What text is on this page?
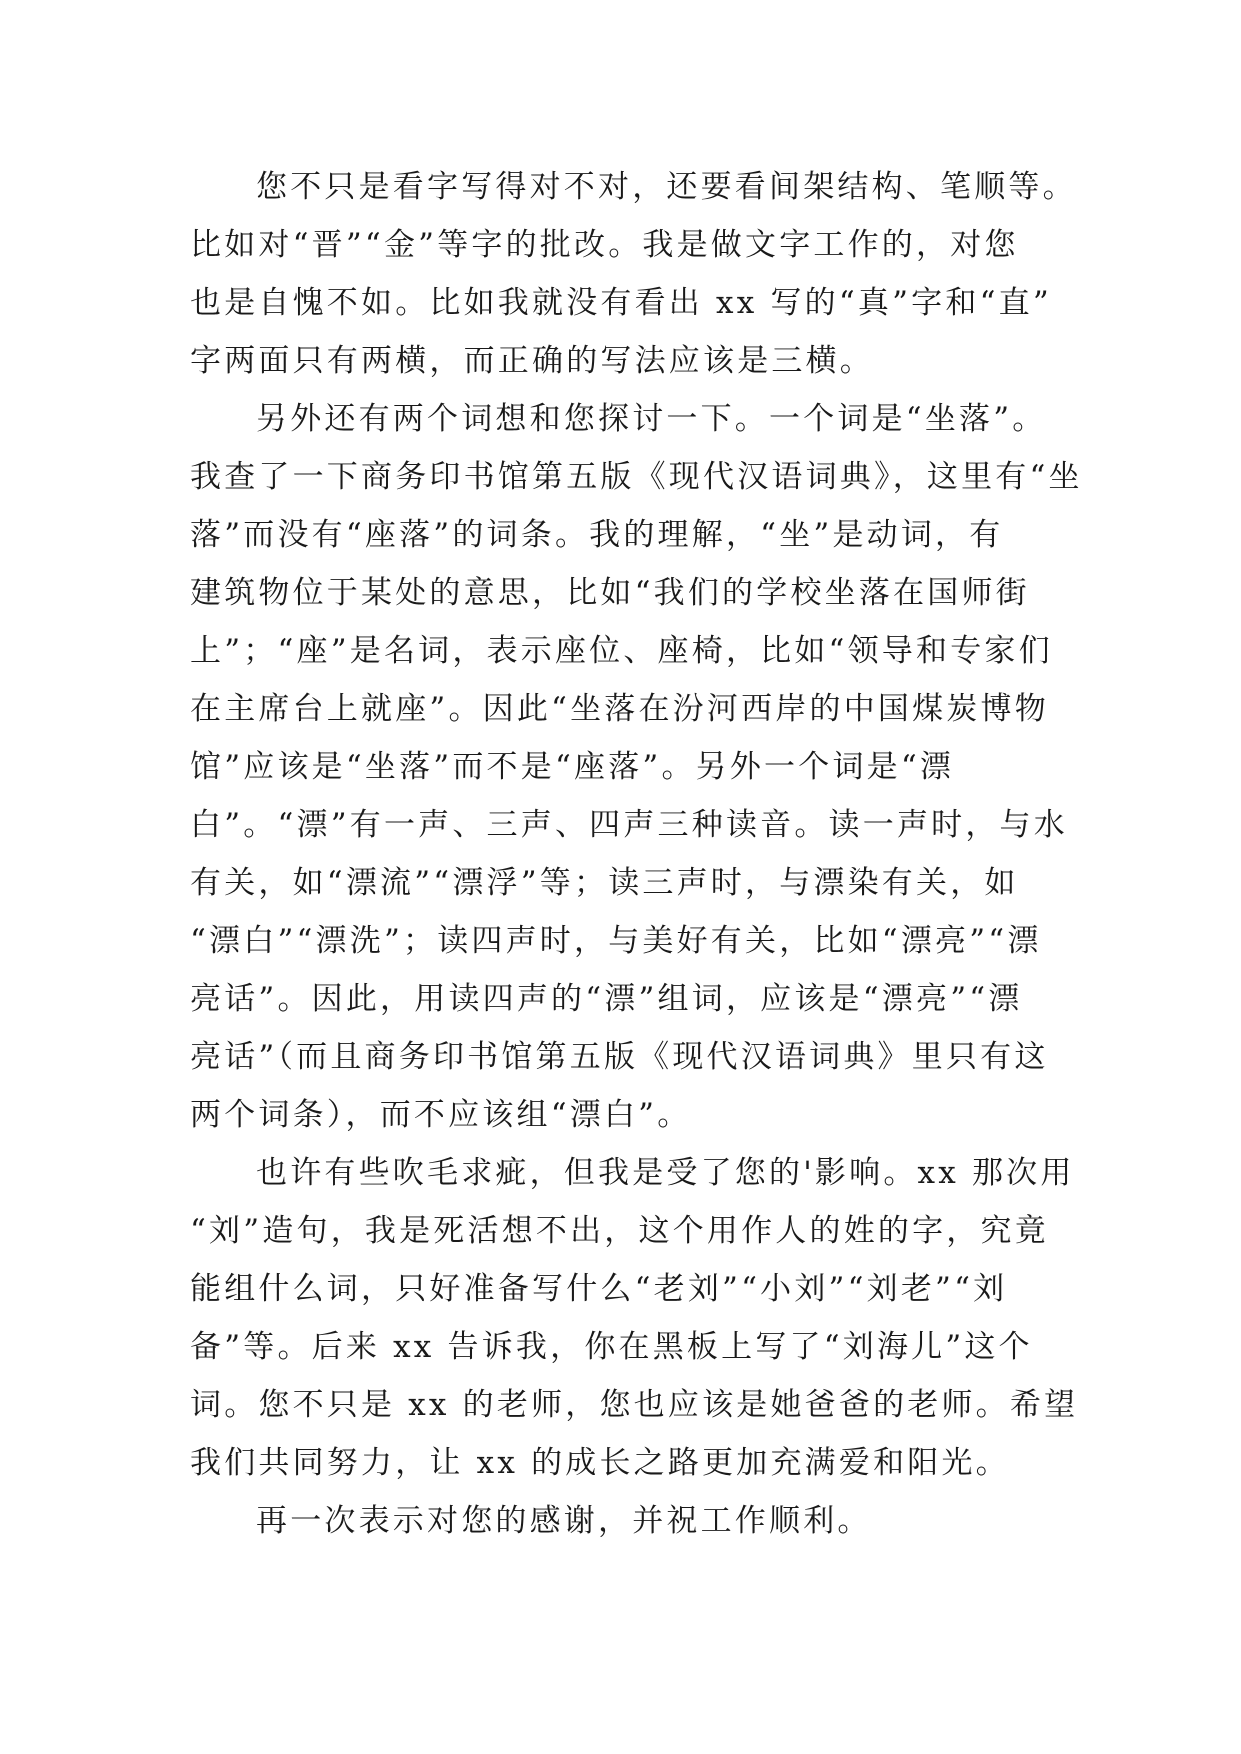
您不只是看字写得对不对，还要看间架结构、笔顺等。
比如对“晋”“金”等字的批改。我是做文字工作的，对您
也是自愧不如。比如我就没有看出 xx 写的“真”字和“直”
字两面只有两横，而正确的写法应该是三横。
另外还有两个词想和您探讨一下。一个词是“坐落”。
我查了一下商务印书馆第五版《现代汉语词典》，这里有“坐
落”而没有“座落”的词条。我的理解，“坐”是动词，有
建筑物位于某处的意思，比如“我们的学校坐落在国师街
上”；“座”是名词，表示座位、座椅，比如“领导和专家们
在主席台上就座”。因此“坐落在汾河西岸的中国煤炭博物
馆”应该是“坐落”而不是“座落”。另外一个词是“漂
白”。“漂”有一声、三声、四声三种读音。读一声时，与水
有关，如“漂流”“漂浮”等；读三声时，与漂染有关，如
“漂白”“漂洗”；读四声时，与美好有关，比如“漂亮”“漂
亮话”。因此，用读四声的“漂”组词，应该是“漂亮”“漂
亮话”（而且商务印书馆第五版《现代汉语词典》里只有这
两个词条），而不应该组“漂白”。
也许有些吹毛求疵，但我是受了您的'影响。xx 那次用
“刘”造句，我是死活想不出，这个用作人的姓的字，究竟
能组什么词，只好准备写什么“老刘”“小刘”“刘老”“刘
备”等。后来 xx 告诉我，你在黑板上写了“刘海儿”这个
词。您不只是 xx 的老师，您也应该是她爸爸的老师。希望
我们共同努力，让 xx 的成长之路更加充满爱和阳光。
再一次表示对您的感谢，并祝工作顺利。
